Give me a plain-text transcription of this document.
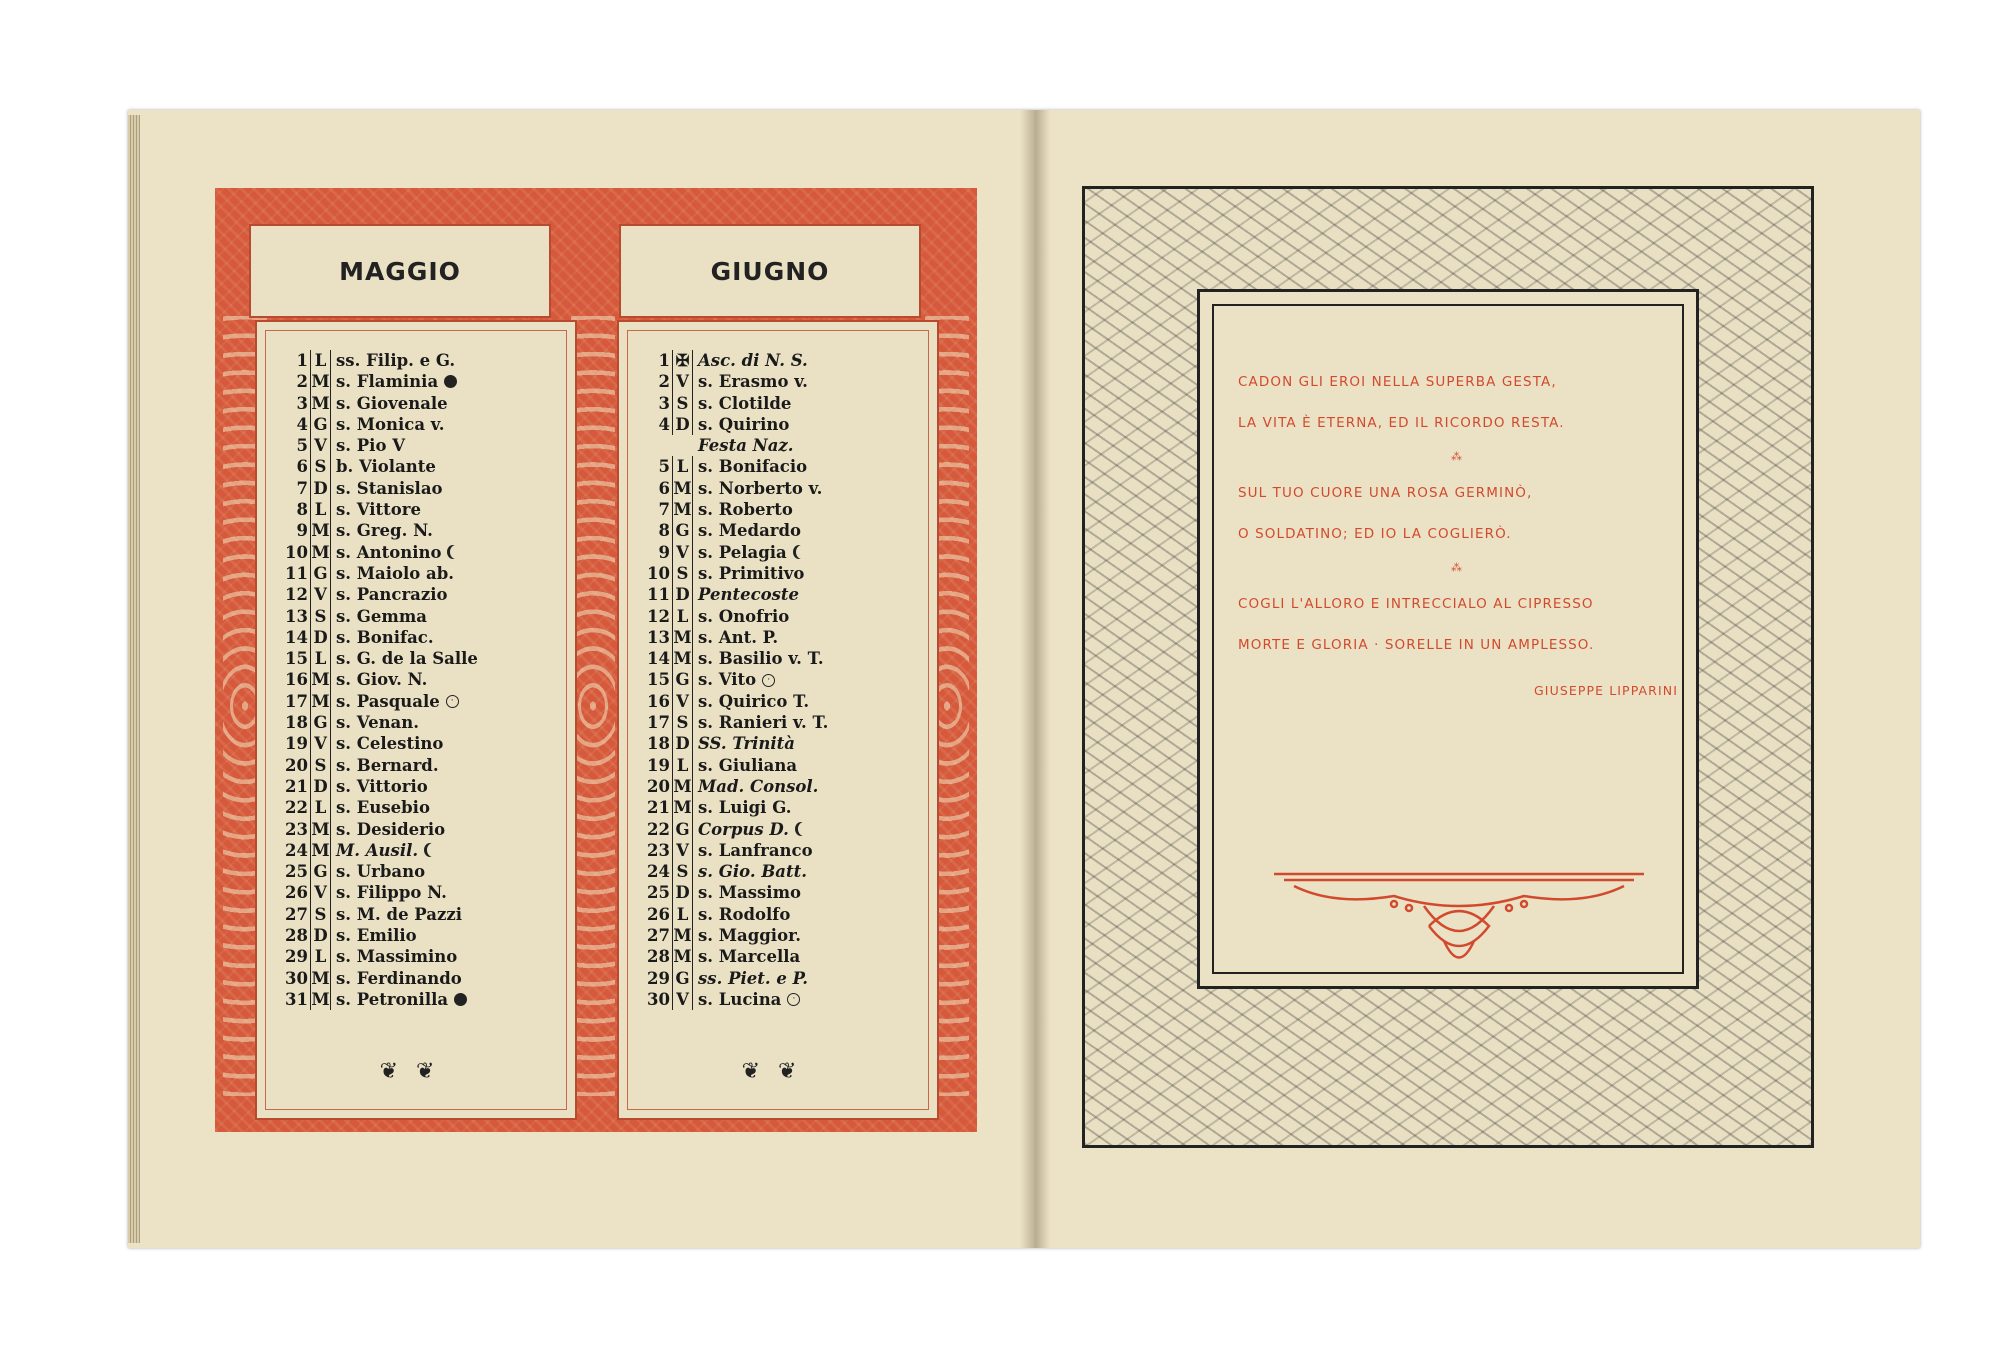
MAGGIO	GIUGNO
1 L ss. Filip. e G.
2 M s. Flaminia
3 M s. Giovenale
4 G s. Monica v.
5 V s. Pio V
6 S b. Violante
7 D s. Stanislao
8 L s. Vittore
9 M s. Greg. N.
10 M s. Antonino
11 G s. Maiolo ab.
12 V s. Pancrazio
13 S s. Gemma
14 D s. Bonifac.
15 L s. G. de la Salle
16 M s. Giov. N.
17 M s. Pasquale	·
18 G s. Venan.
19 V s. Celestino
20 S s. Bernard.
21 D s. Vittorio
22 L s. Eusebio
23 M s. Desiderio
24 M M. Ausil.
25 G s. Urbano
26 V s. Filippo N.
27 S s. M. de Pazzi
28 D s. Emilio
29 L s. Massimino
30 M s. Ferdinando
31 M s. Petronilla
❦❦
1 ✠ Asc. di N. S.
2 V s. Erasmo v.
3 S s. Clotilde
4 D s. Quirino
Festa Naz.
5 L s. Bonifacio
6 M s. Norberto v.
7 M s. Roberto
8 G s. Medardo
9 V s. Pelagia
10 S s. Primitivo
11 D Pentecoste
12 L s. Onofrio
13 M s. Ant. P.
14 M s. Basilio v. T.
15 G s. Vito	·
16 V s. Quirico T.
17 S s. Ranieri v. T.
18 D SS. Trinità
19 L s. Giuliana
20 M Mad. Consol.
21 M s. Luigi G.
22 G Corpus D.
23 V s. Lanfranco
24 S s. Gio. Batt.
25 D s. Massimo
26 L s. Rodolfo
27 M s. Maggior.
28 M s. Marcella
29 G ss. Piet. e P.
30 V s. Lucina	·
❦❦

CADON GLI EROI NELLA SUPERBA GESTA,

LA VITA È ETERNA, ED IL RICORDO RESTA.

⁂

SUL TUO CUORE UNA ROSA GERMINÒ,

O SOLDATINO; ED IO LA COGLIERÒ.

⁂

COGLI L'ALLORO E INTRECCIALO AL CIPRESSO

MORTE E GLORIA · SORELLE IN UN AMPLESSO.

GIUSEPPE LIPPARINI
